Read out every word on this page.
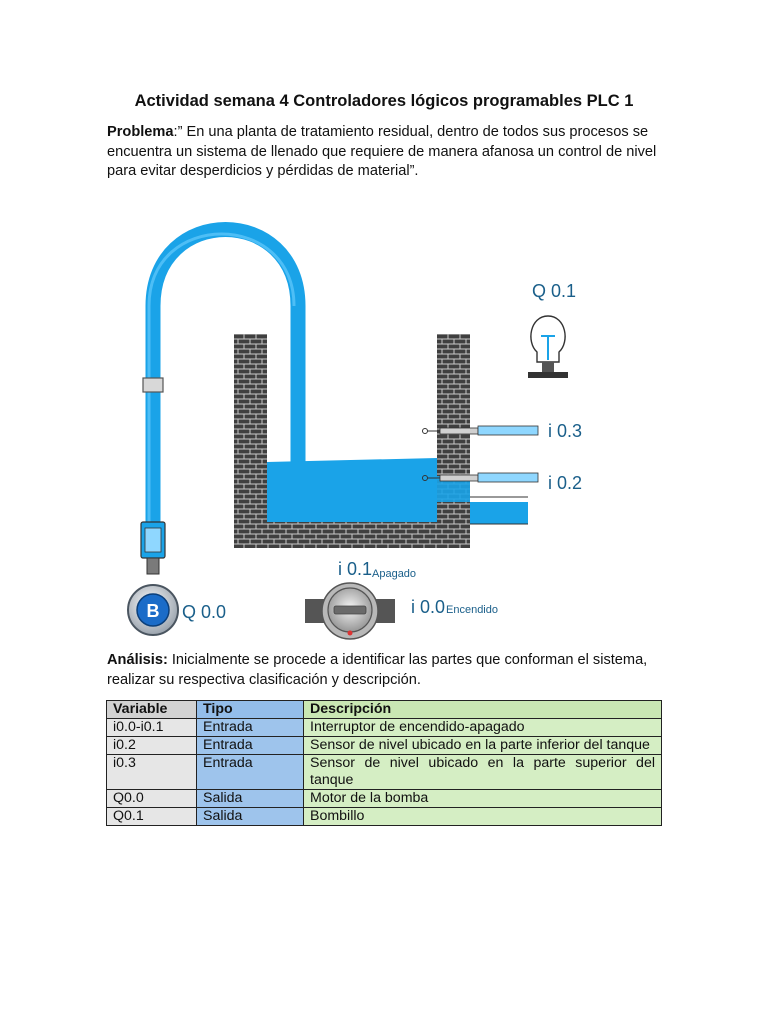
Actividad semana 4 Controladores lógicos programables PLC 1

Problema:” En una planta de tratamiento residual, dentro de todos sus procesos se encuentra un sistema de llenado que requiere de manera afanosa un control de nivel para evitar desperdicios y pérdidas de material”.

Q 0.1
i 0.3
i 0.2
Q 0.0
i 0.1 Apagado
i 0.0 Encendido
B

Análisis: Inicialmente se procede a identificar las partes que conforman el sistema, realizar su respectiva clasificación y descripción.

Variable	Tipo	Descripción
i0.0-i0.1	Entrada	Interruptor de encendido-apagado
i0.2	Entrada	Sensor de nivel ubicado en la parte inferior del tanque
i0.3	Entrada	Sensor de nivel ubicado en la parte superior del tanque
Q0.0	Salida	Motor de la bomba
Q0.1	Salida	Bombillo
